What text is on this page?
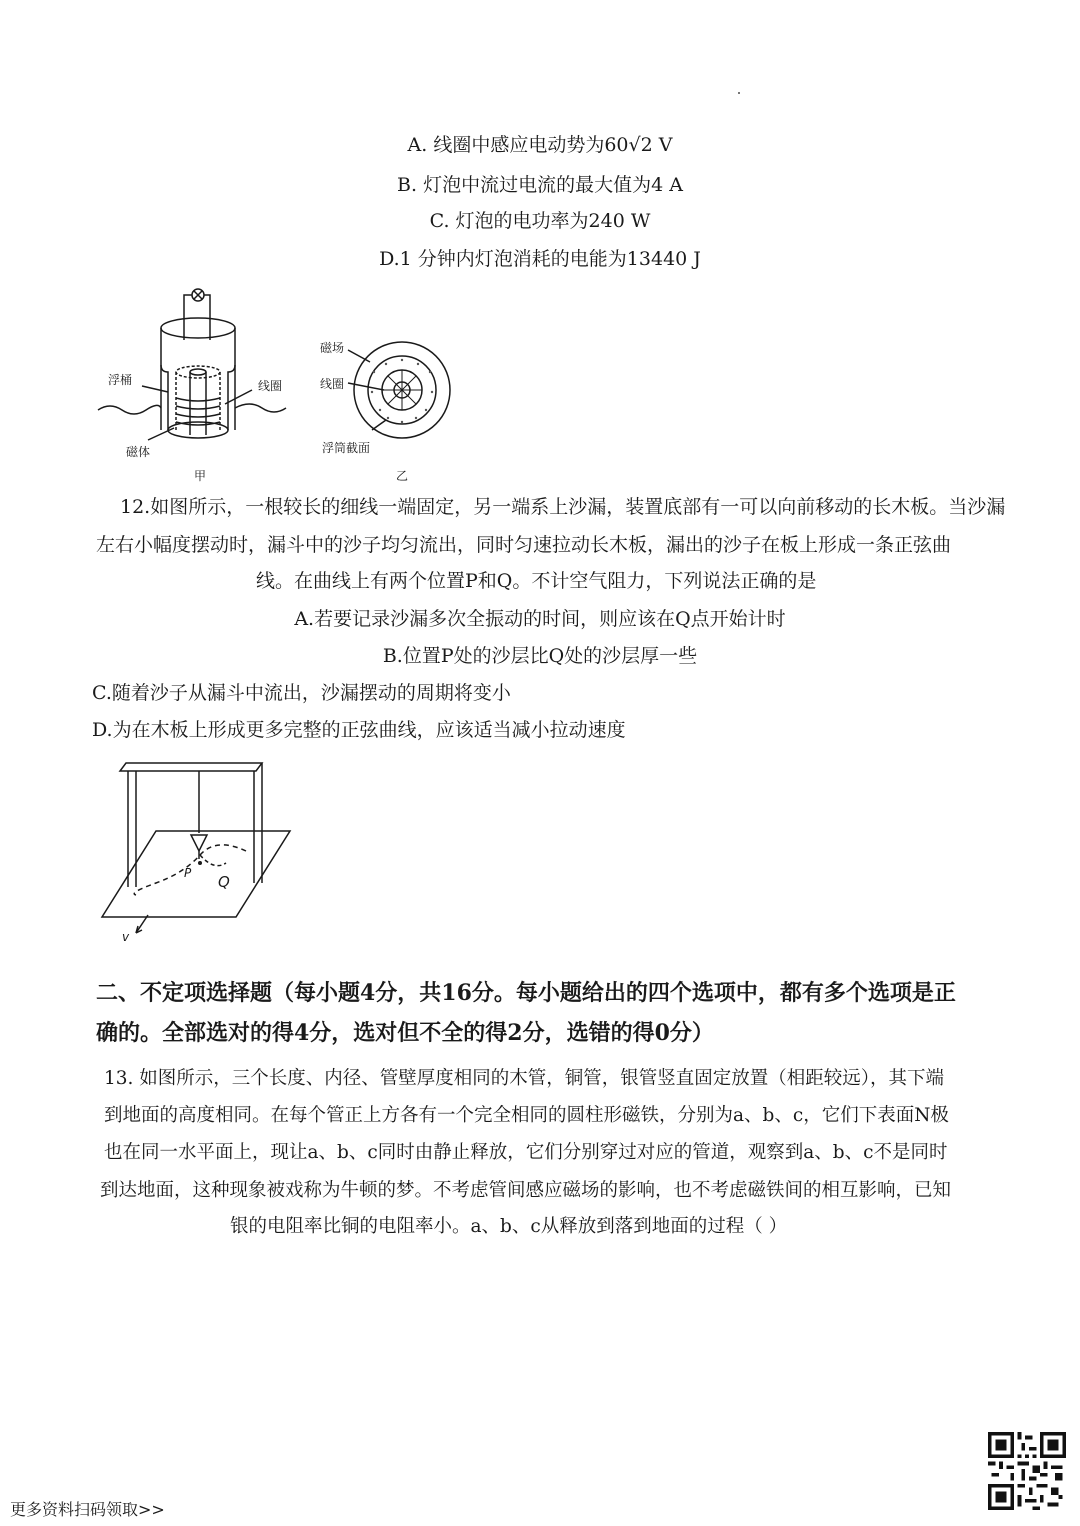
A. 线圈中感应电动势为60√2 V
B. 灯泡中流过电流的最大值为4 A
C. 灯泡的电功率为240 W
D.1 分钟内灯泡消耗的电能为13440 J
浮桶	线圈
磁体
甲
磁场
线圈
浮筒截面
乙
12.如图所示，一根较长的细线一端固定，另一端系上沙漏，装置底部有一可以向前移动的长木板。当沙漏
左右小幅度摆动时，漏斗中的沙子均匀流出，同时匀速拉动长木板，漏出的沙子在板上形成一条正弦曲
线。在曲线上有两个位置P和Q。不计空气阻力，下列说法正确的是
A.若要记录沙漏多次全振动的时间，则应该在Q点开始计时
B.位置P处的沙层比Q处的沙层厚一些
C.随着沙子从漏斗中流出，沙漏摆动的周期将变小
D.为在木板上形成更多完整的正弦曲线，应该适当减小拉动速度
P Q
v
二、不定项选择题（每小题4分，共16分。每小题给出的四个选项中，都有多个选项是正
确的。全部选对的得4分，选对但不全的得2分，选错的得0分）
13. 如图所示，三个长度、内径、管壁厚度相同的木管，铜管，银管竖直固定放置（相距较远），其下端
到地面的高度相同。在每个管正上方各有一个完全相同的圆柱形磁铁，分别为a、b、c，它们下表面N极
也在同一水平面上，现让a、b、c同时由静止释放，它们分别穿过对应的管道，观察到a、b、c不是同时
到达地面，这种现象被戏称为牛顿的梦。不考虑管间感应磁场的影响，也不考虑磁铁间的相互影响，已知
银的电阻率比铜的电阻率小。a、b、c从释放到落到地面的过程（ ）
更多资料扫码领取>>
